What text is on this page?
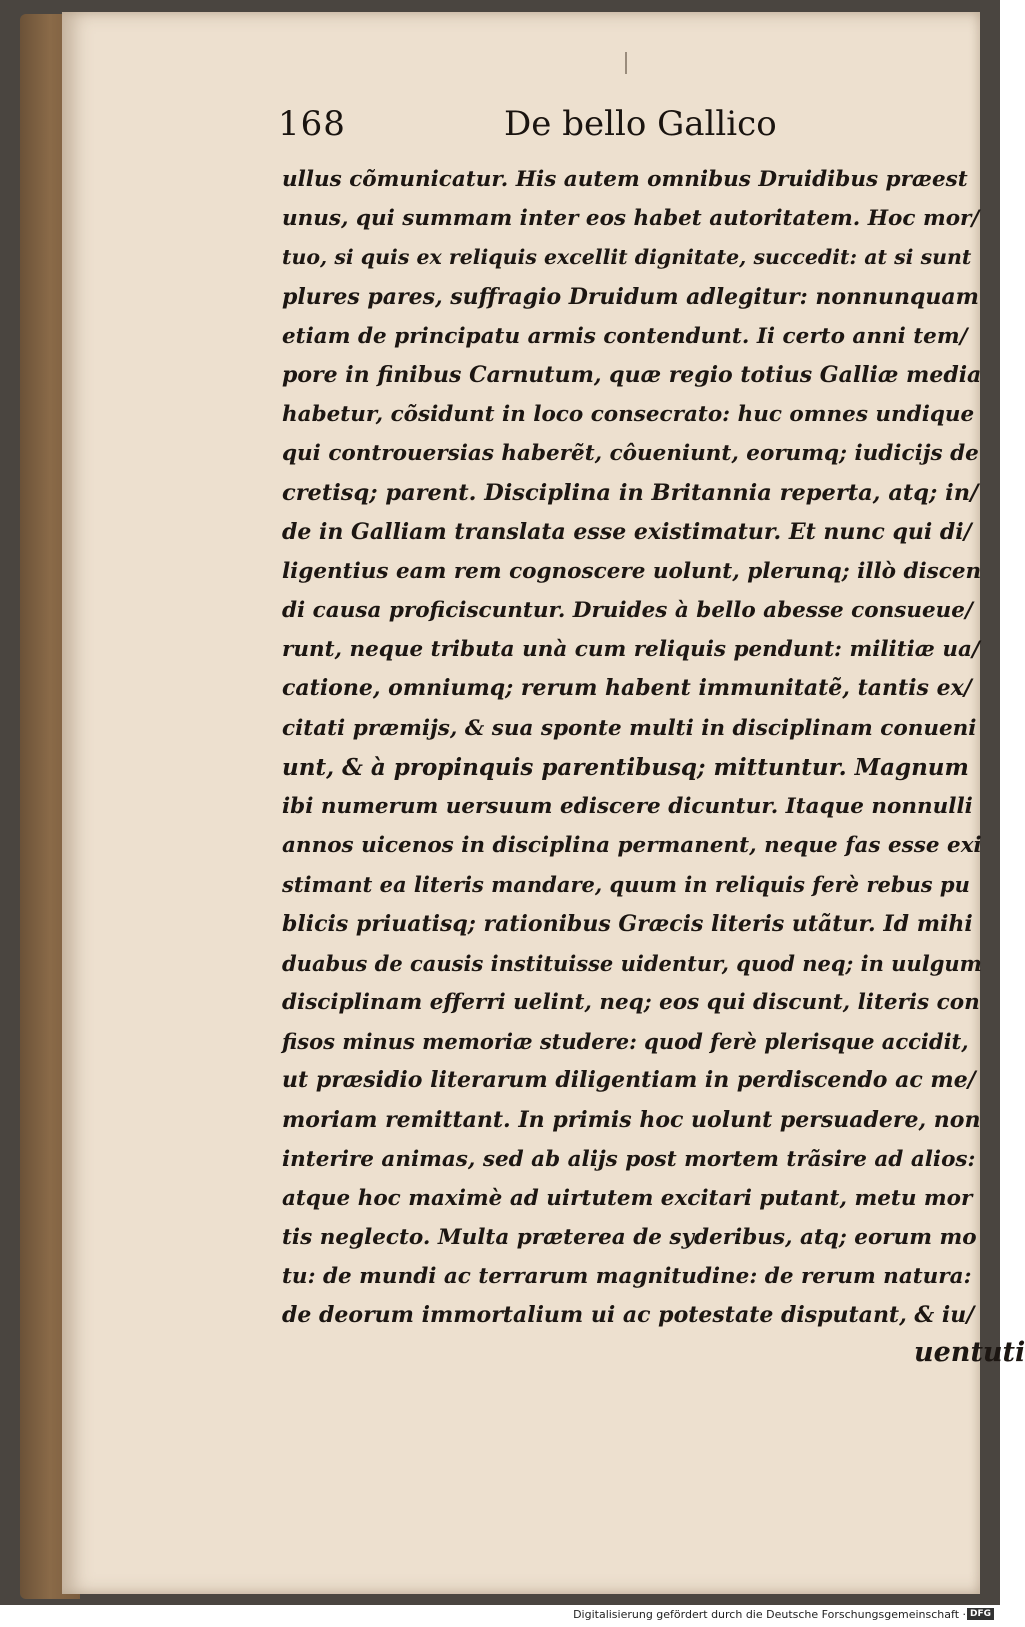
168	De bello Gallico
ullus cõmunicatur. His autem omnibus Druidibus præest
unus, qui summam inter eos habet autoritatem. Hoc mor/
tuo, si quis ex reliquis excellit dignitate, succedit: at si sunt
plures pares, suffragio Druidum adlegitur: nonnunquam
etiam de principatu armis contendunt. Ii certo anni tem/
pore in finibus Carnutum, quæ regio totius Galliæ media
habetur, cõsidunt in loco consecrato: huc omnes undique
qui controuersias haberẽt, côueniunt, eorumq; iudicijs de
cretisq; parent. Disciplina in Britannia reperta, atq; in/
de in Galliam translata esse existimatur. Et nunc qui di/
ligentius eam rem cognoscere uolunt, plerunq; illò discen
di causa proficiscuntur. Druides à bello abesse consueue/
runt, neque tributa unà cum reliquis pendunt: militiæ ua/
catione, omniumq; rerum habent immunitatẽ, tantis ex/
citati præmijs, & sua sponte multi in disciplinam conueni
unt, & à propinquis parentibusq; mittuntur. Magnum
ibi numerum uersuum ediscere dicuntur. Itaque nonnulli
annos uicenos in disciplina permanent, neque fas esse exi
stimant ea literis mandare, quum in reliquis ferè rebus pu
blicis priuatisq; rationibus Græcis literis utãtur. Id mihi
duabus de causis instituisse uidentur, quod neq; in uulgum
disciplinam efferri uelint, neq; eos qui discunt, literis con
fisos minus memoriæ studere: quod ferè plerisque accidit,
ut præsidio literarum diligentiam in perdiscendo ac me/
moriam remittant. In primis hoc uolunt persuadere, non
interire animas, sed ab alijs post mortem trãsire ad alios:
atque hoc maximè ad uirtutem excitari putant, metu mor
tis neglecto. Multa præterea de syderibus, atq; eorum mo
tu: de mundi ac terrarum magnitudine: de rerum natura:
de deorum immortalium ui ac potestate disputant, & iu/
uentuti
Digitalisierung gefördert durch die Deutsche Forschungsgemeinschaft · DFG
